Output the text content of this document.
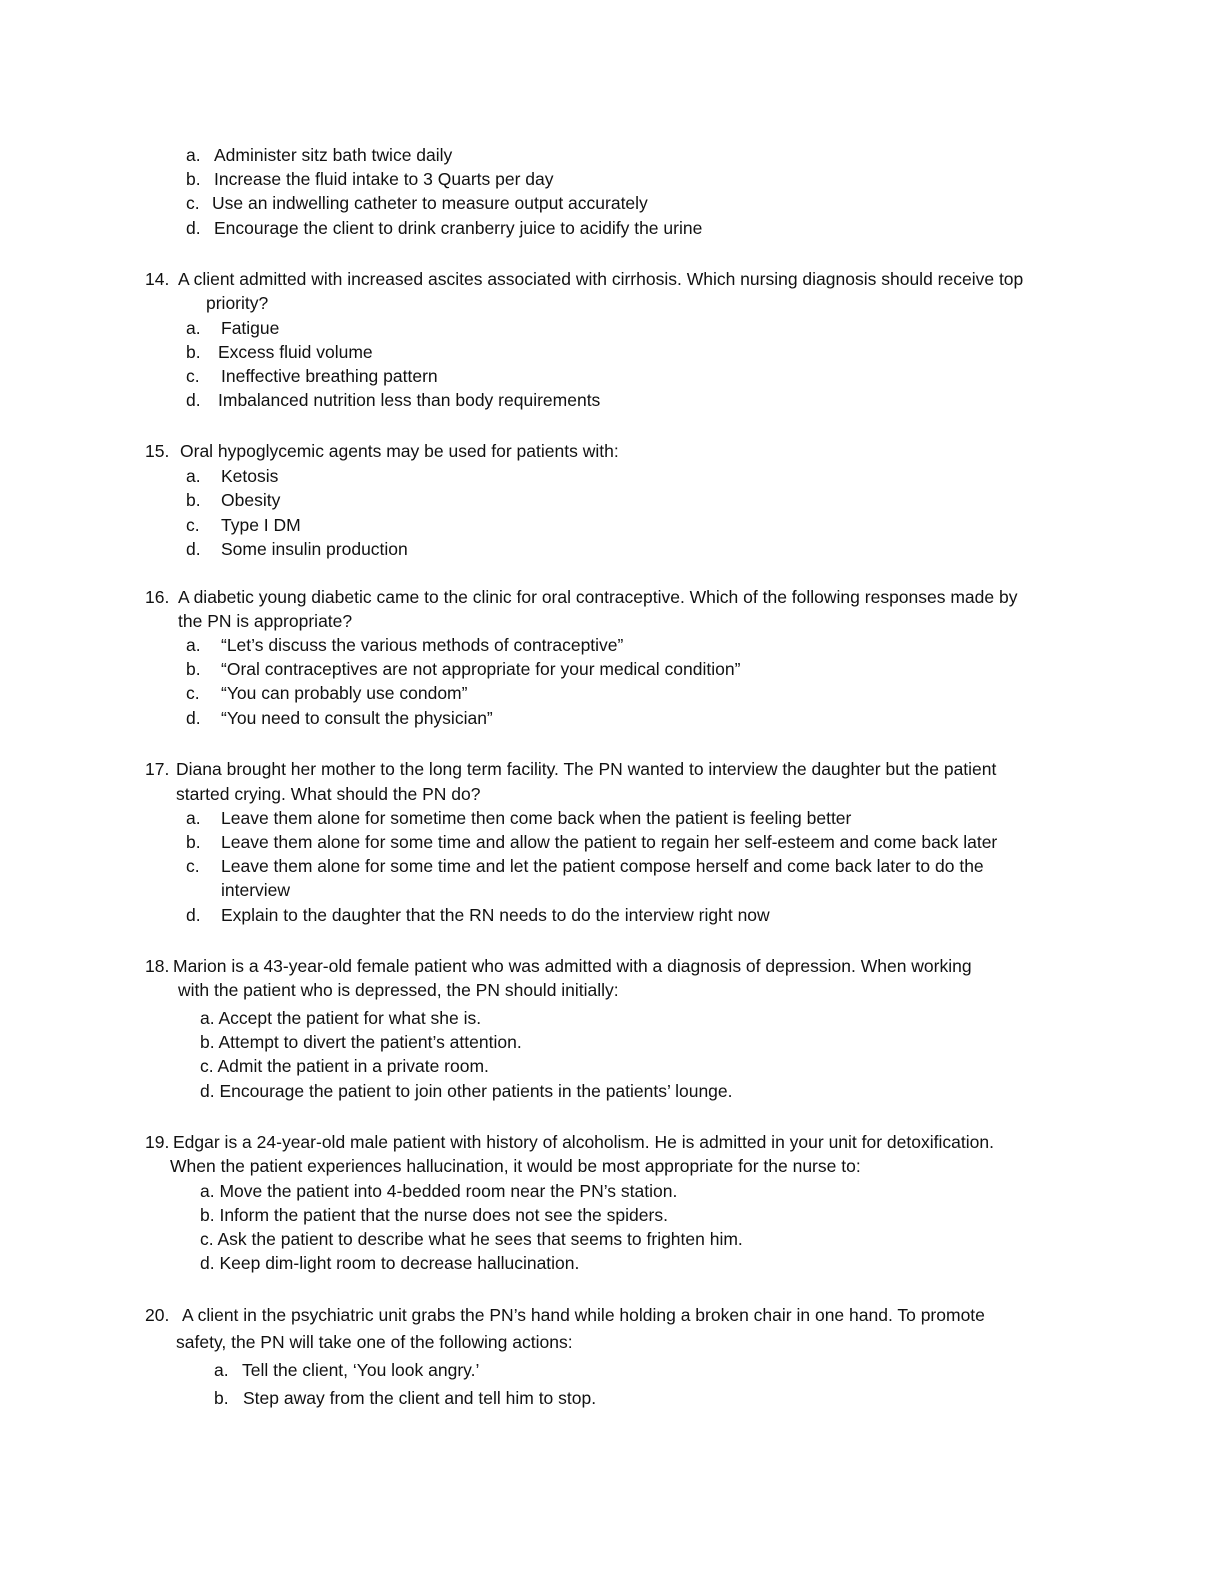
a. Administer sitz bath twice daily
b. Increase the fluid intake to 3 Quarts per day
c. Use an indwelling catheter to measure output accurately
d. Encourage the client to drink cranberry juice to acidify the urine
14. A client admitted with increased ascites associated with cirrhosis. Which nursing diagnosis should receive top
priority?
a. Fatigue
b. Excess fluid volume
c. Ineffective breathing pattern
d. Imbalanced nutrition less than body requirements
15. Oral hypoglycemic agents may be used for patients with:
a. Ketosis
b. Obesity
c. Type I DM
d. Some insulin production
16. A diabetic young diabetic came to the clinic for oral contraceptive. Which of the following responses made by
the PN is appropriate?
a. “Let’s discuss the various methods of contraceptive”
b. “Oral contraceptives are not appropriate for your medical condition”
c. “You can probably use condom”
d. “You need to consult the physician”
17. Diana brought her mother to the long term facility. The PN wanted to interview the daughter but the patient
started crying. What should the PN do?
a. Leave them alone for sometime then come back when the patient is feeling better
b. Leave them alone for some time and allow the patient to regain her self-esteem and come back later
c. Leave them alone for some time and let the patient compose herself and come back later to do the
interview
d. Explain to the daughter that the RN needs to do the interview right now
18. Marion is a 43-year-old female patient who was admitted with a diagnosis of depression. When working
with the patient who is depressed, the PN should initially:
a. Accept the patient for what she is.
b. Attempt to divert the patient’s attention.
c. Admit the patient in a private room.
d. Encourage the patient to join other patients in the patients’ lounge.
19. Edgar is a 24-year-old male patient with history of alcoholism. He is admitted in your unit for detoxification.
When the patient experiences hallucination, it would be most appropriate for the nurse to:
a. Move the patient into 4-bedded room near the PN’s station.
b. Inform the patient that the nurse does not see the spiders.
c. Ask the patient to describe what he sees that seems to frighten him.
d. Keep dim-light room to decrease hallucination.
20. A client in the psychiatric unit grabs the PN’s hand while holding a broken chair in one hand. To promote
safety, the PN will take one of the following actions:
a. Tell the client, ‘You look angry.’
b. Step away from the client and tell him to stop.
